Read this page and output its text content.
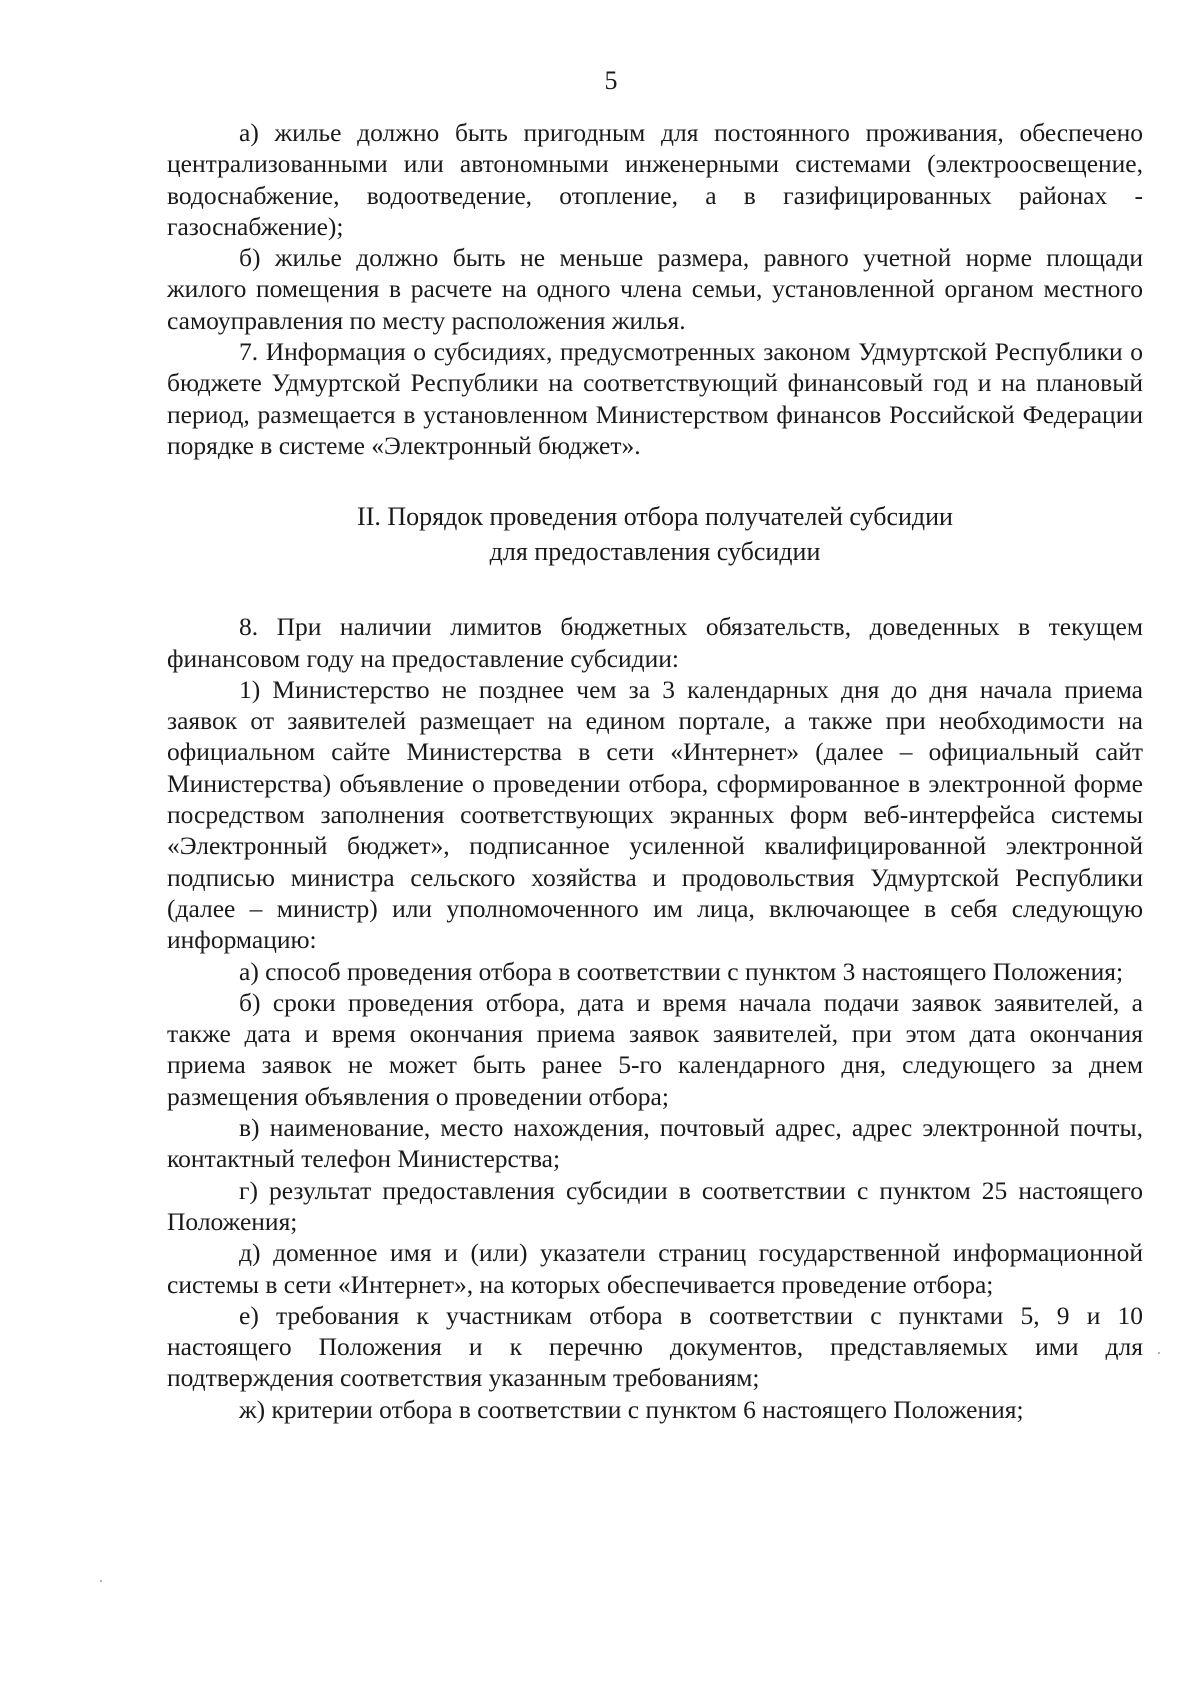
5

а) жилье должно быть пригодным для постоянного проживания, обеспечено централизованными или автономными инженерными системами (электроосвещение, водоснабжение, водоотведение, отопление, а в газифицированных районах - газоснабжение);

б) жилье должно быть не меньше размера, равного учетной норме площади жилого помещения в расчете на одного члена семьи, установленной органом местного самоуправления по месту расположения жилья.

7. Информация о субсидиях, предусмотренных законом Удмуртской Республики о бюджете Удмуртской Республики на соответствующий финансовый год и на плановый период, размещается в установленном Министерством финансов Российской Федерации порядке в системе «Электронный бюджет».

II. Порядок проведения отбора получателей субсидии

для предоставления субсидии

8. При наличии лимитов бюджетных обязательств, доведенных в текущем финансовом году на предоставление субсидии:

1) Министерство не позднее чем за 3 календарных дня до дня начала приема заявок от заявителей размещает на едином портале, а также при необходимости на официальном сайте Министерства в сети «Интернет» (далее – официальный сайт Министерства) объявление о проведении отбора, сформированное в электронной форме посредством заполнения соответствующих экранных форм веб-интерфейса системы «Электронный бюджет», подписанное усиленной квалифицированной электронной подписью министра сельского хозяйства и продовольствия Удмуртской Республики (далее – министр) или уполномоченного им лица, включающее в себя следующую информацию:

а) способ проведения отбора в соответствии с пунктом 3 настоящего Положения;

б) сроки проведения отбора, дата и время начала подачи заявок заявителей, а также дата и время окончания приема заявок заявителей, при этом дата окончания приема заявок не может быть ранее 5-го календарного дня, следующего за днем размещения объявления о проведении отбора;

в) наименование, место нахождения, почтовый адрес, адрес электронной почты, контактный телефон Министерства;

г) результат предоставления субсидии в соответствии с пунктом 25 настоящего Положения;

д) доменное имя и (или) указатели страниц государственной информационной системы в сети «Интернет», на которых обеспечивается проведение отбора;

е) требования к участникам отбора в соответствии с пунктами 5, 9 и 10 настоящего Положения и к перечню документов, представляемых ими для подтверждения соответствия указанным требованиям;

ж) критерии отбора в соответствии с пунктом 6 настоящего Положения;
